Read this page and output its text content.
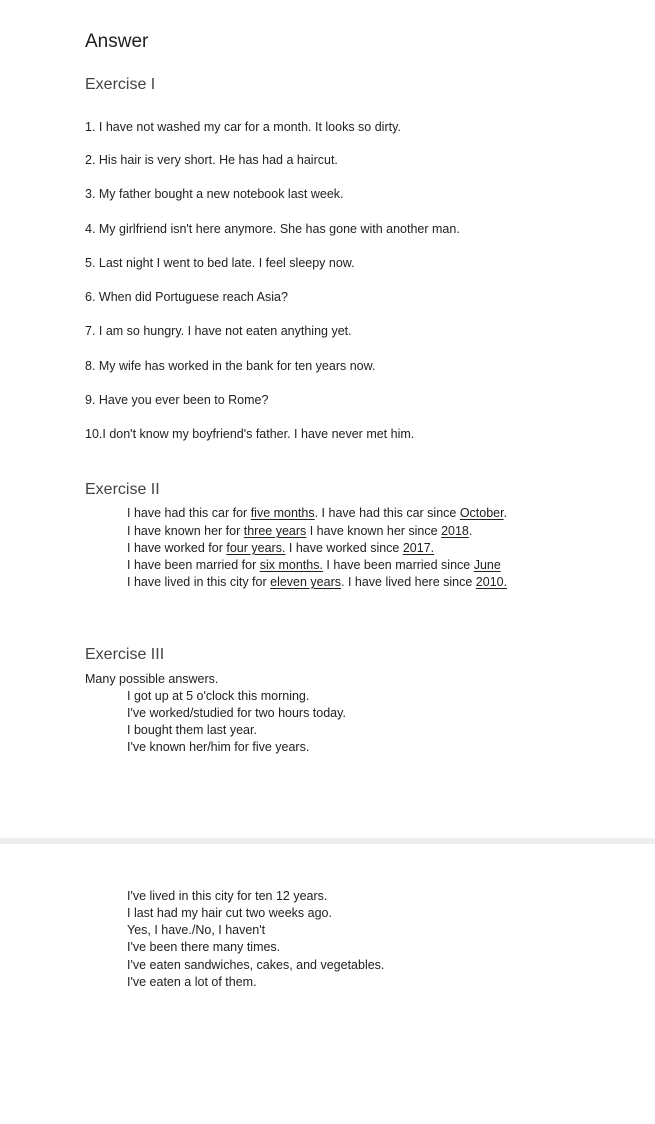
Answer
Exercise I
1. I have not washed my car for a month. It looks so dirty.
2. His hair is very short. He has had a haircut.
3. My father bought a new notebook last week.
4. My girlfriend isn't here anymore. She has gone with another man.
5. Last night I went to bed late. I feel sleepy now.
6. When did Portuguese reach Asia?
7. I am so hungry. I have not eaten anything yet.
8. My wife has worked in the bank for ten years now.
9. Have you ever been to Rome?
10.I don't know my boyfriend's father. I have never met him.
Exercise II
I have had this car for five months. I have had this car since October.
I have known her for three years I have known her since 2018.
I have worked for four years. I have worked since 2017.
I have been married for six months. I have been married since June
I have lived in this city for eleven years. I have lived here since 2010.
Exercise III
Many possible answers.
I got up at 5 o'clock this morning.
I've worked/studied for two hours today.
I bought them last year.
I've known her/him for five years.
I've lived in this city for ten 12 years.
I last had my hair cut two weeks ago.
Yes, I have./No, I haven't
I've been there many times.
I've eaten sandwiches, cakes, and vegetables.
I've eaten a lot of them.
